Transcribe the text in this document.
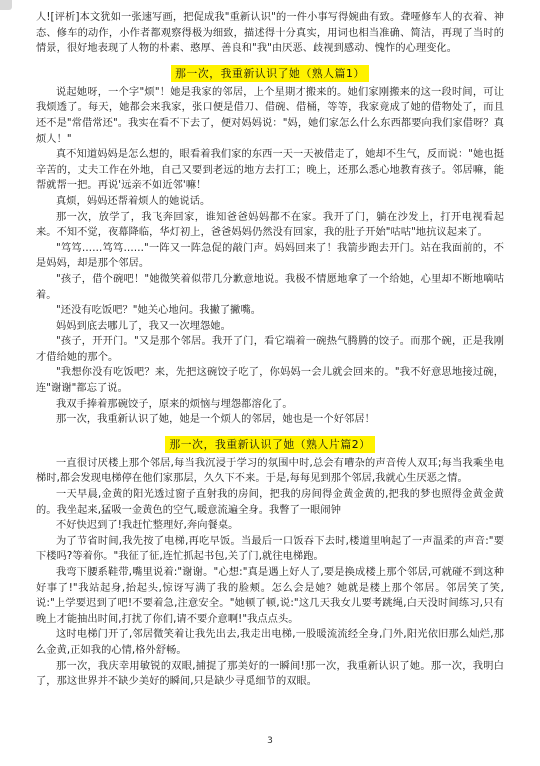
人![评析]本文犹如一张速写画，把促成我"重新认识"的一件小事写得婉曲有致。聋哑修车人的衣着、神态、修车的动作，小作者都观察得极为细致，描述得十分真实，用词也相当准确、简洁，再现了当时的情景，很好地表现了人物的朴素、憨厚、善良和"我"由厌恶、歧视到感动、愧怍的心理变化。

那一次，我重新认识了她（熟人篇1）

说起她呀，一个字"烦"！她是我家的邻居，上个星期才搬来的。她们家刚搬来的这一段时间，可让我烦透了。每天，她都会来我家，张口便是借刀、借碗、借桶，等等，我家竟成了她的借物处了，而且还不是"常借常还"。我实在看不下去了，便对妈妈说："妈，她们家怎么什么东西都要向我们家借呀？真烦人！"

真不知道妈妈是怎么想的，眼看着我们家的东西一天一天被借走了，她却不生气，反而说："她也挺辛苦的，丈夫工作在外地，自己又要到老远的地方去打工；晚上，还那么悉心地教育孩子。邻居嘛，能帮就帮一把。再说'远亲不如近邻'嘛！

真烦，妈妈还帮着烦人的她说话。

那一次，放学了，我飞奔回家，谁知爸爸妈妈都不在家。我开了门，躺在沙发上，打开电视看起来。不知不觉，夜幕降临，华灯初上，爸爸妈妈仍然没有回家，我的肚子开始"咕咕"地抗议起来了。

"笃笃……笃笃……"一阵又一阵急促的敲门声。妈妈回来了！我箭步跑去开门。站在我面前的，不是妈妈，却是那个邻居。

"孩子，借个碗吧！"她微笑着似带几分歉意地说。我极不情愿地拿了一个给她，心里却不断地嘀咕着。

"还没有吃饭吧？"她关心地问。我撇了撇嘴。

妈妈到底去哪儿了，我又一次埋怨她。

"孩子，开开门。"又是那个邻居。我开了门，看它端着一碗热气腾腾的饺子。而那个碗，正是我刚才借给她的那个。

"我想你没有吃饭吧？来，先把这碗饺子吃了，你妈妈一会儿就会回来的。"我不好意思地接过碗，连"谢谢"都忘了说。

我双手捧着那碗饺子，原来的烦恼与埋怨都溶化了。

那一次，我重新认识了她，她是一个烦人的邻居，她也是一个好邻居！

那一次，我重新认识了她（熟人片篇2）

一直很讨厌楼上那个邻居,每当我沉浸于学习的氛围中时,总会有嘈杂的声音传人双耳;每当我乘坐电梯时,都会发现电梯停在他们家那层，久久下不来。于是,每每见到那个邻居,我就心生厌恶之情。

一天早晨,金黄的阳光透过窗子直射我的房间，把我的房间得金黄金黄的,把我的梦也照得金黄金黄的。我坐起来,猛吸一金黄色的空气,暖意流遍全身。我瞥了一眼闹钟

不好快迟到了!我赶忙整理好,奔向餐桌。

为了节省时间,我先按了电梯,再吃早饭。当最后一口饭吞下去时,楼道里响起了一声温柔的声音:"要下楼吗?等着你。"我征了征,连忙抓起书包,关了门,就往电梯跑。

我弯下腰系鞋带,嘴里说着:"谢谢。"心想:"真是遇上好人了,要是换成楼上那个邻居,可就碰不到这种好事了!"我站起身,抬起头,惊讶写满了我的脸颊。怎么会是她？她就是楼上那个邻居。邻居笑了笑,说:"上学要迟到了吧!不要着急,注意安全。"她顿了顿,说:"这几天我女儿要考跳绳,白天没时间练习,只有晚上才能抽出时间,打扰了你们,请不要介意啊!"我点点头。

这时电梯门开了,邻居微笑着让我先出去,我走出电梯,一股暖流流经全身,门外,阳光依旧那么灿烂,那么金黄,正如我的心情,格外舒畅。

那一次，我庆幸用敏锐的双眼,捕捉了那美好的一瞬间!那一次，我重新认识了她。那一次，我明白了，那这世界并不缺少美好的瞬间,只是缺少寻觅细节的双眼。

3
